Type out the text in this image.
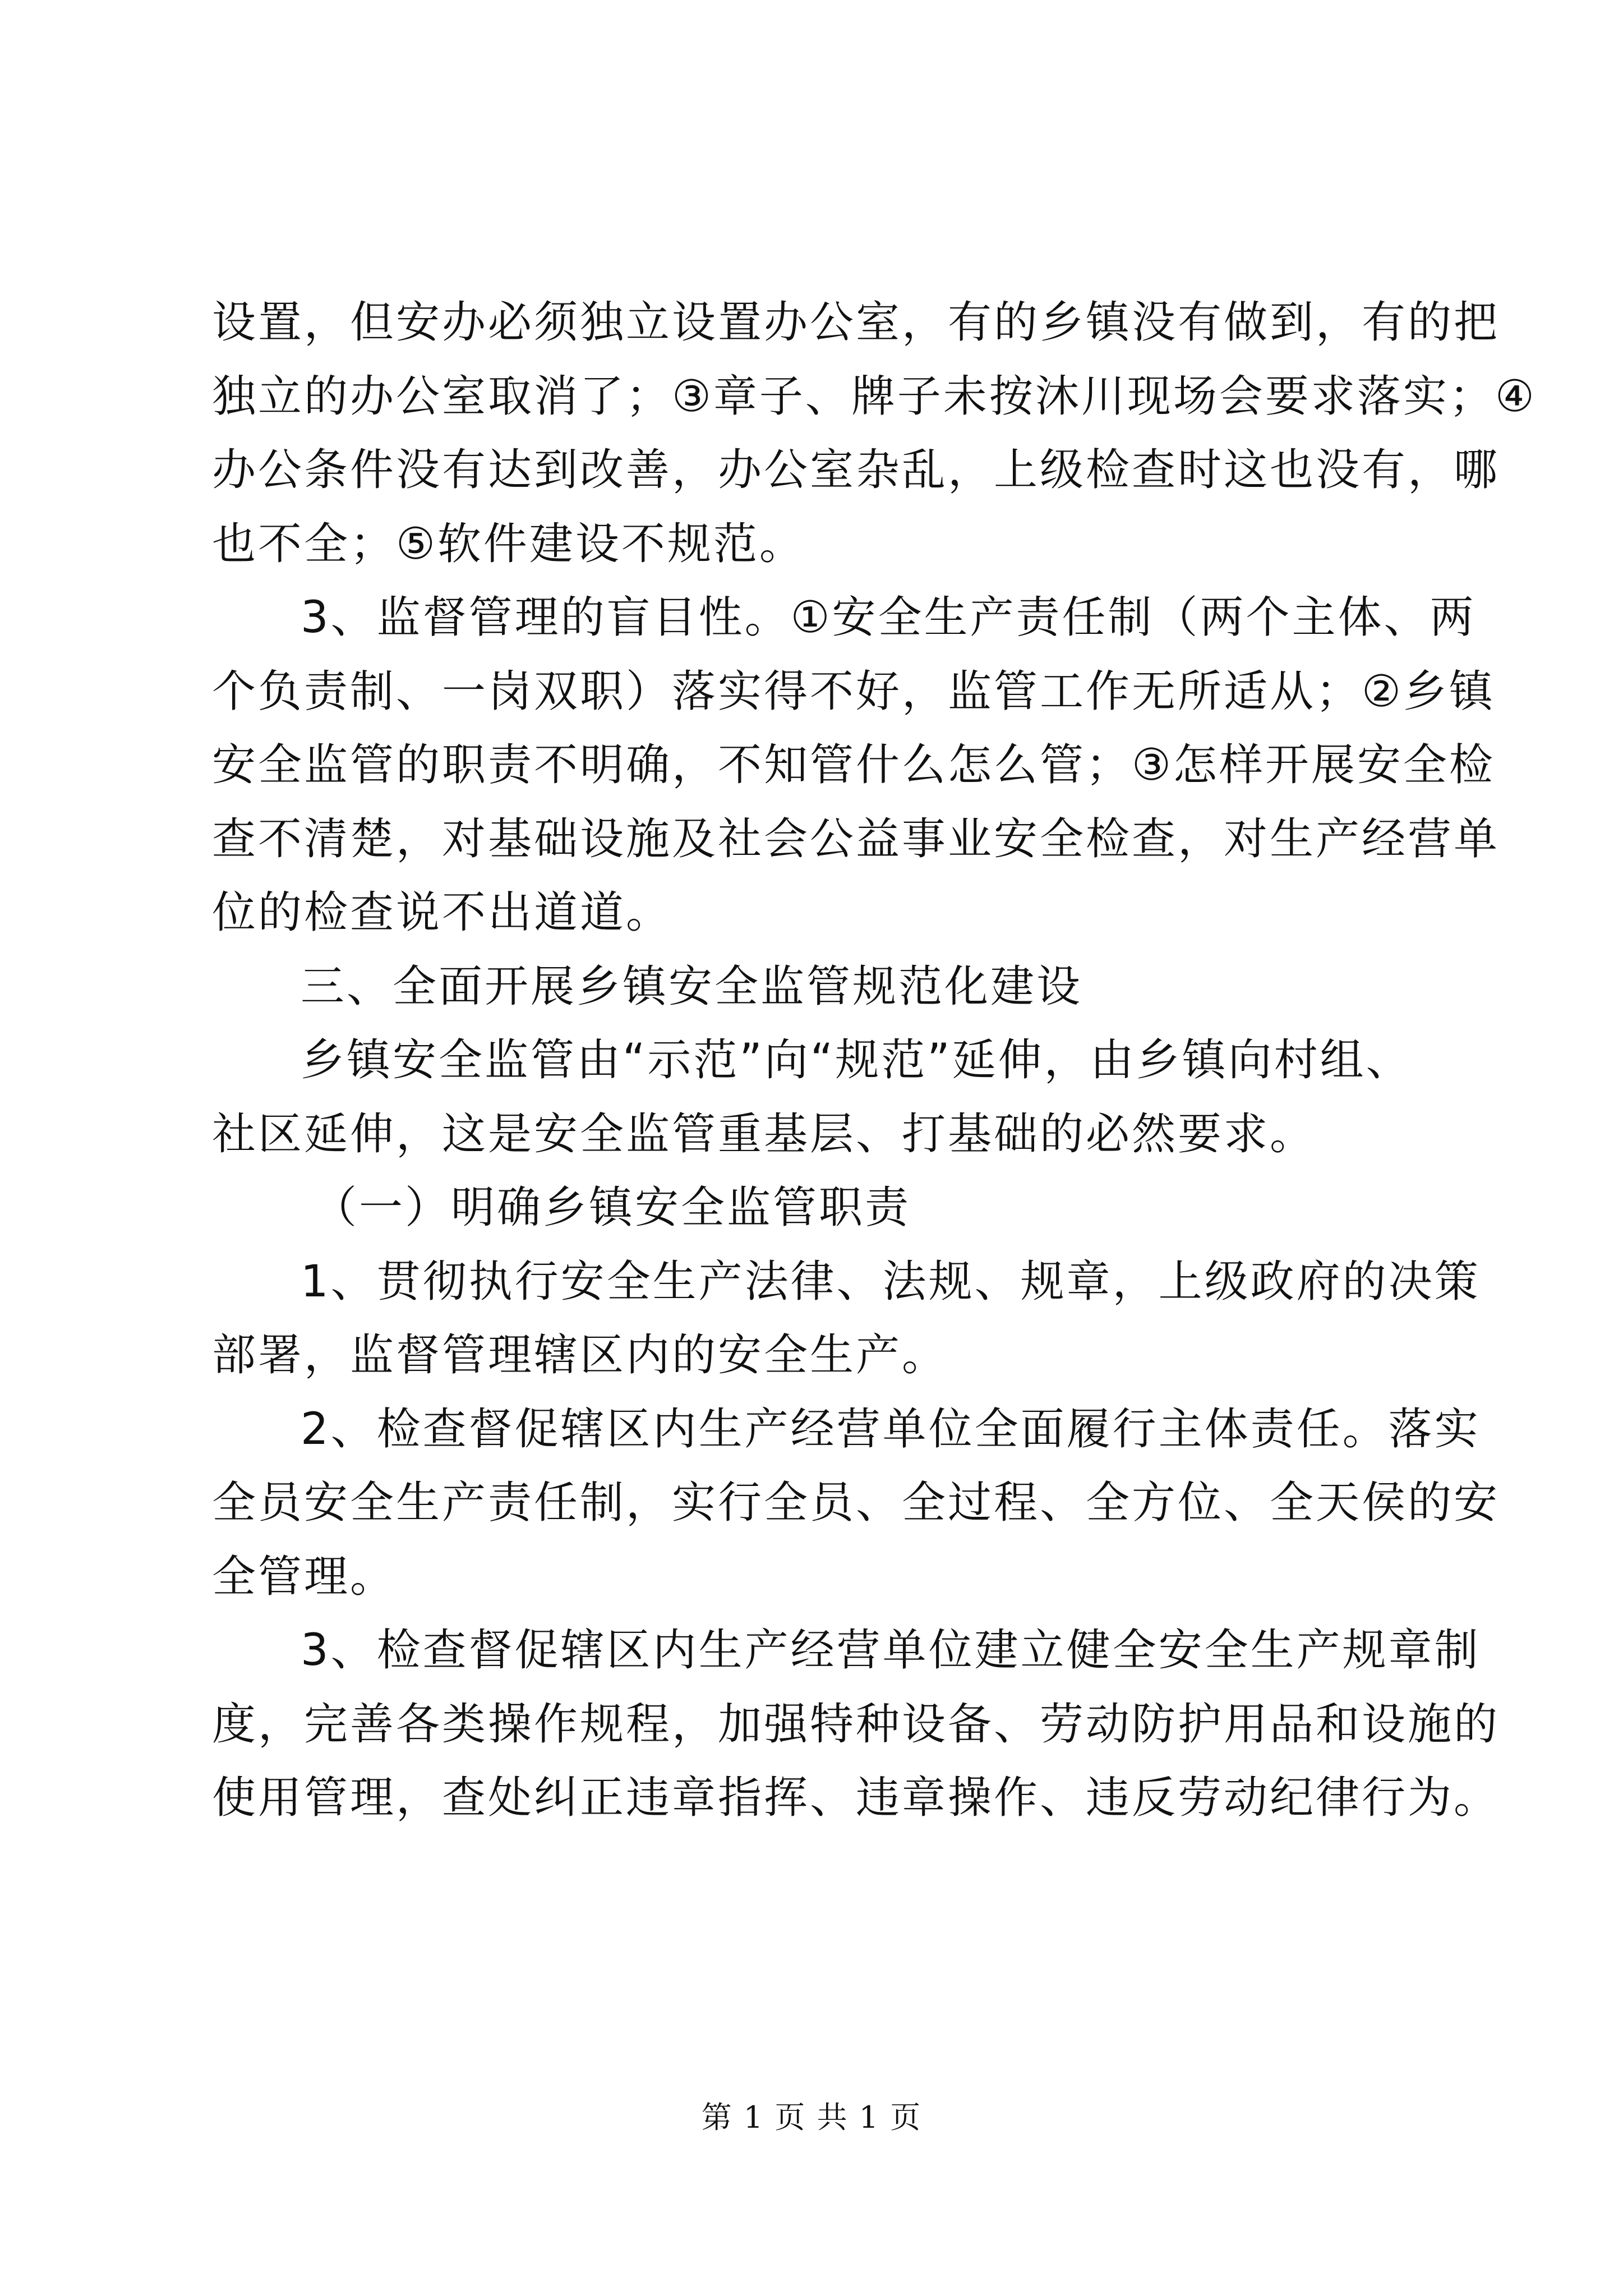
设置，但安办必须独立设置办公室，有的乡镇没有做到，有的把
独立的办公室取消了；③章子、牌子未按沐川现场会要求落实；④
办公条件没有达到改善，办公室杂乱，上级检查时这也没有，哪
也不全；⑤软件建设不规范。
3、监督管理的盲目性。①安全生产责任制（两个主体、两
个负责制、一岗双职）落实得不好，监管工作无所适从；②乡镇
安全监管的职责不明确，不知管什么怎么管；③怎样开展安全检
查不清楚，对基础设施及社会公益事业安全检查，对生产经营单
位的检查说不出道道。
三、全面开展乡镇安全监管规范化建设
乡镇安全监管由“示范”向“规范”延伸，由乡镇向村组、
社区延伸，这是安全监管重基层、打基础的必然要求。
（一）明确乡镇安全监管职责
1、贯彻执行安全生产法律、法规、规章，上级政府的决策
部署，监督管理辖区内的安全生产。
2、检查督促辖区内生产经营单位全面履行主体责任。落实
全员安全生产责任制，实行全员、全过程、全方位、全天侯的安
全管理。
3、检查督促辖区内生产经营单位建立健全安全生产规章制
度，完善各类操作规程，加强特种设备、劳动防护用品和设施的
使用管理，查处纠正违章指挥、违章操作、违反劳动纪律行为。
第 1 页 共 1 页
